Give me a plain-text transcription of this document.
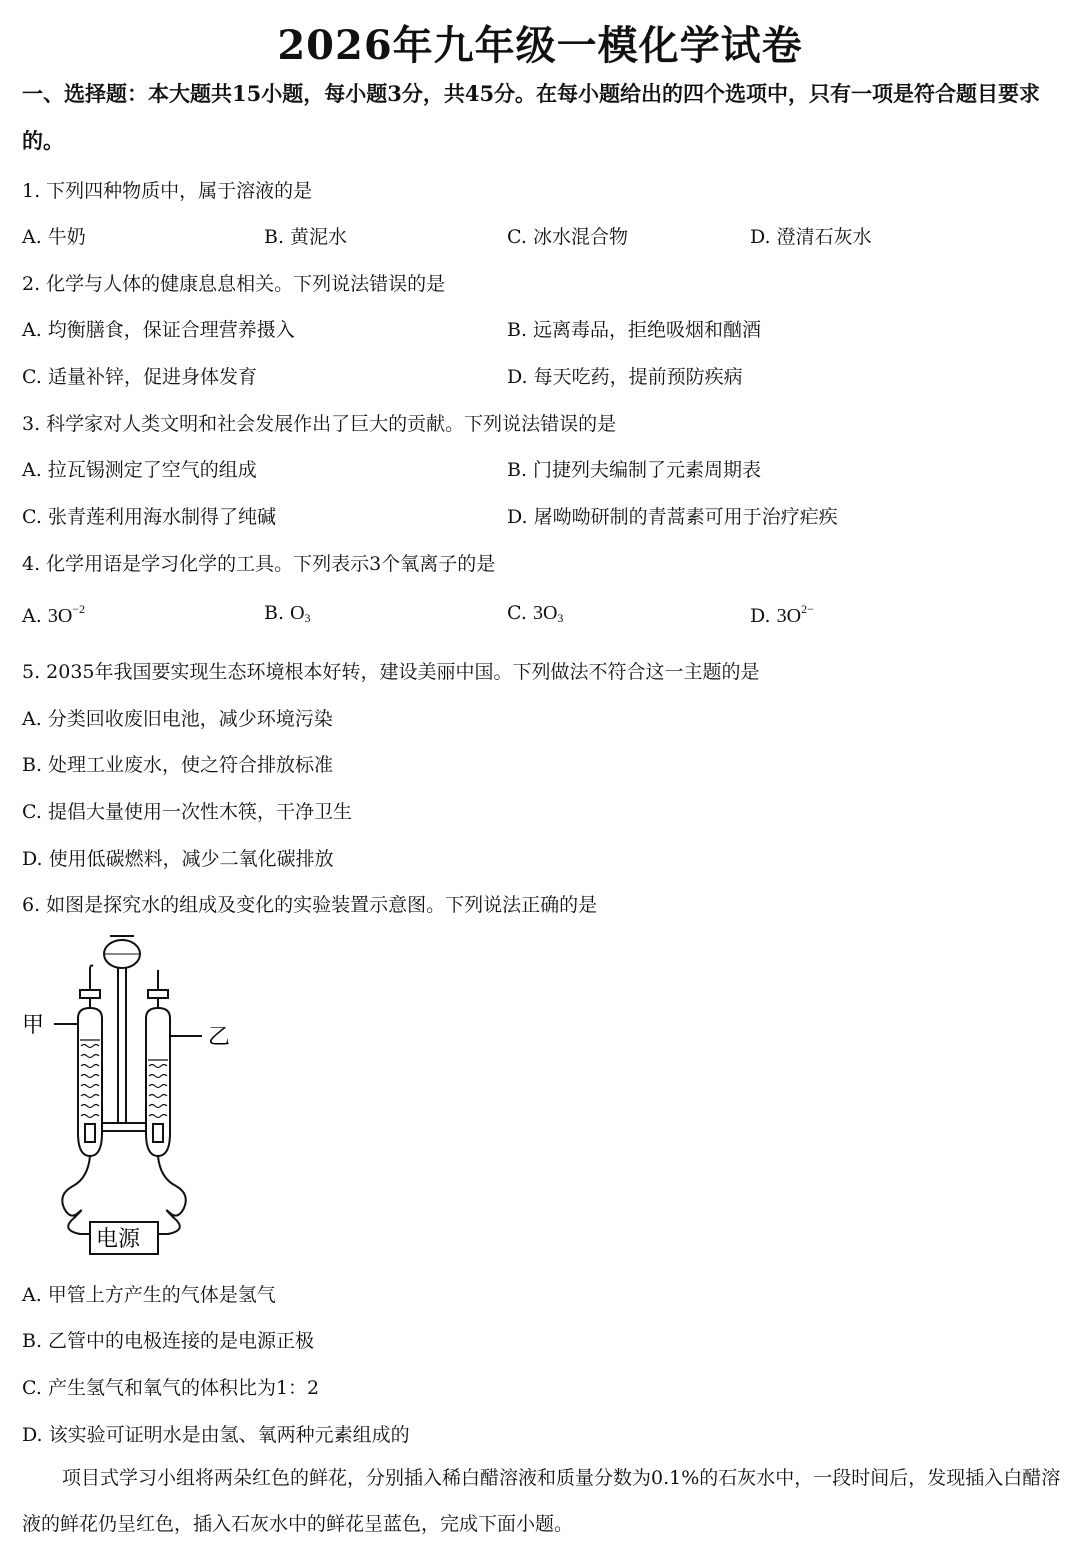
2026年九年级一模化学试卷
一、选择题：本大题共15小题，每小题3分，共45分。在每小题给出的四个选项中，只有一项是符合题目要求的。
1. 下列四种物质中，属于溶液的是
A. 牛奶	B. 黄泥水	C. 冰水混合物	D. 澄清石灰水
2. 化学与人体的健康息息相关。下列说法错误的是
A. 均衡膳食，保证合理营养摄入	B. 远离毒品，拒绝吸烟和酗酒
C. 适量补锌，促进身体发育	D. 每天吃药，提前预防疾病
3. 科学家对人类文明和社会发展作出了巨大的贡献。下列说法错误的是
A. 拉瓦锡测定了空气的组成	B. 门捷列夫编制了元素周期表
C. 张青莲利用海水制得了纯碱	D. 屠呦呦研制的青蒿素可用于治疗疟疾
4. 化学用语是学习化学的工具。下列表示3个氧离子的是
A. $3O^{-2}$	B. $O_3$	C. $3O_3$	D. $3O^{2-}$
5. 2035年我国要实现生态环境根本好转，建设美丽中国。下列做法不符合这一主题的是
A. 分类回收废旧电池，减少环境污染
B. 处理工业废水，使之符合排放标准
C. 提倡大量使用一次性木筷，干净卫生
D. 使用低碳燃料，减少二氧化碳排放
6. 如图是探究水的组成及变化的实验装置示意图。下列说法正确的是
甲	乙
电源
A. 甲管上方产生的气体是氢气
B. 乙管中的电极连接的是电源正极
C. 产生氢气和氧气的体积比为1：2
D. 该实验可证明水是由氢、氧两种元素组成的
项目式学习小组将两朵红色的鲜花，分别插入稀白醋溶液和质量分数为0.1%的石灰水中，一段时间后，发现插入白醋溶液的鲜花仍呈红色，插入石灰水中的鲜花呈蓝色，完成下面小题。
